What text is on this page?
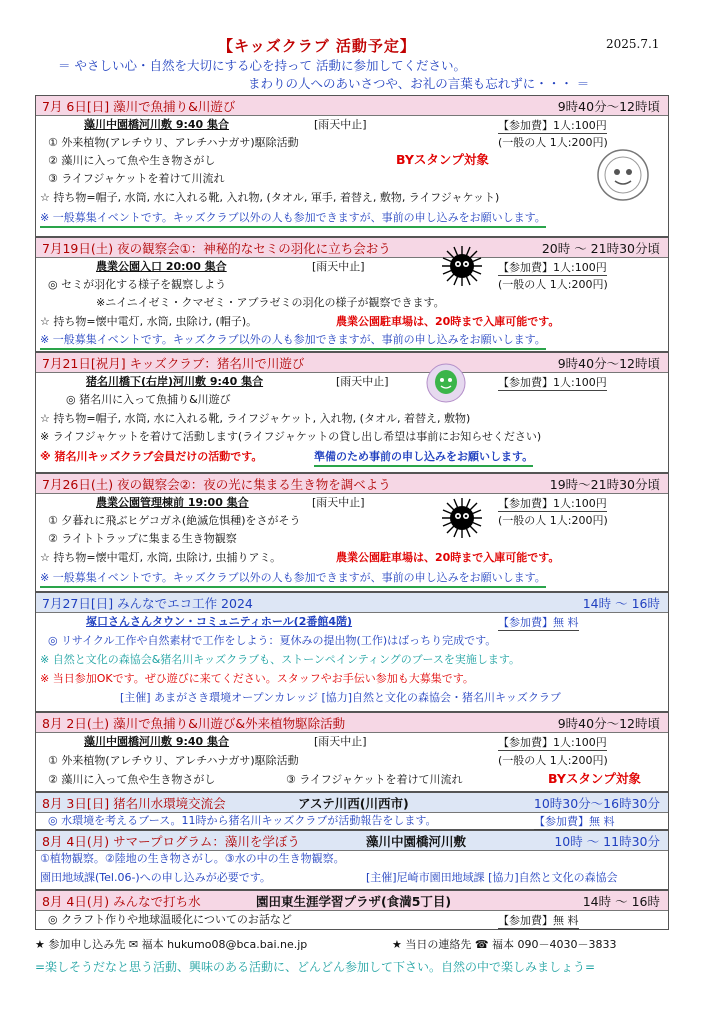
【キッズクラブ 活動予定】	2025.7.1
＝ やさしい心・自然を大切にする心を持って 活動に参加してください。
まわりの人へのあいさつや、お礼の言葉も忘れずに・・・ ＝
7月 6日[日] 藻川で魚捕り&川遊び	9時40分～12時頃
藻川中園橋河川敷 9:40 集合	[雨天中止]	【参加費】1人:100円
① 外来植物(アレチウリ、アレチハナガサ)駆除活動	(一般の人 1人:200円)
② 藻川に入って魚や生き物さがし	BYスタンプ対象
③ ライフジャケットを着けて川流れ
☆ 持ち物=帽子, 水筒, 水に入れる靴, 入れ物, (タオル, 軍手, 着替え, 敷物, ライフジャケット)
※ 一般募集イベントです。キッズクラブ以外の人も参加できますが、事前の申し込みをお願いします。
7月19日(土) 夜の観察会①：神秘的なセミの羽化に立ち会おう	20時 ～ 21時30分頃
農業公園入口 20:00 集合	[雨天中止]	【参加費】1人:100円
◎ セミが羽化する様子を観察しよう	(一般の人 1人:200円)
※ニイニイゼミ・クマゼミ・アブラゼミの羽化の様子が観察できます。
☆ 持ち物=懐中電灯, 水筒, 虫除け, (帽子)。	農業公園駐車場は、20時まで入庫可能です。
※ 一般募集イベントです。キッズクラブ以外の人も参加できますが、事前の申し込みをお願いします。
7月21日[祝月] キッズクラブ：猪名川で川遊び	9時40分～12時頃
猪名川橋下(右岸)河川敷 9:40 集合	[雨天中止]	【参加費】1人:100円
◎ 猪名川に入って魚捕り&川遊び
☆ 持ち物=帽子, 水筒, 水に入れる靴, ライフジャケット, 入れ物, (タオル, 着替え, 敷物)
※ ライフジャケットを着けて活動します(ライフジャケットの貸し出し希望は事前にお知らせください)
※ 猪名川キッズクラブ会員だけの活動です。	準備のため事前の申し込みをお願いします。
7月26日(土) 夜の観察会②：夜の光に集まる生き物を調べよう	19時～21時30分頃
農業公園管理棟前 19:00 集合	[雨天中止]	【参加費】1人:100円
① 夕暮れに飛ぶヒゲコガネ(絶滅危惧種)をさがそう	(一般の人 1人:200円)
② ライトトラップに集まる生き物観察
☆ 持ち物=懐中電灯, 水筒, 虫除け, 虫捕りアミ。	農業公園駐車場は、20時まで入庫可能です。
※ 一般募集イベントです。キッズクラブ以外の人も参加できますが、事前の申し込みをお願いします。
7月27日[日] みんなでエコ工作 2024	14時 ～ 16時
塚口さんさんタウン・コミュニティホール(2番館4階)	【参加費】無 料
◎ リサイクル工作や自然素材で工作をしよう：夏休みの提出物(工作)はばっちり完成です。
※ 自然と文化の森協会&猪名川キッズクラブも、ストーンペインティングのブースを実施します。
※ 当日参加OKです。ぜひ遊びに来てください。スタッフやお手伝い参加も大募集です。
[主催] あまがさき環境オープンカレッジ [協力]自然と文化の森協会・猪名川キッズクラブ
8月 2日(土) 藻川で魚捕り&川遊び&外来植物駆除活動	9時40分～12時頃
藻川中園橋河川敷 9:40 集合	[雨天中止]	【参加費】1人:100円
① 外来植物(アレチウリ、アレチハナガサ)駆除活動	(一般の人 1人:200円)
② 藻川に入って魚や生き物さがし	③ ライフジャケットを着けて川流れ	BYスタンプ対象
8月 3日[日] 猪名川水環境交流会	アステ川西(川西市)	10時30分～16時30分
◎ 水環境を考えるブース。11時から猪名川キッズクラブが活動報告をします。	【参加費】無 料
8月 4日(月) サマープログラム：藻川を学ぼう	藻川中園橋河川敷	10時 ～ 11時30分
①植物観察。②陸地の生き物さがし。③水の中の生き物観察。
園田地域課(Tel.06-)への申し込みが必要です。	[主催]尼崎市園田地域課 [協力]自然と文化の森協会
8月 4日(月) みんなで打ち水	園田東生涯学習プラザ(食満5丁目)	14時 ～ 16時
◎ クラフト作りや地球温暖化についてのお話など	【参加費】無 料
★ 参加申し込み先 ✉ 福本 hukumo08@bca.bai.ne.jp	★ 当日の連絡先 ☎ 福本 090－4030－3833
=楽しそうだなと思う活動、興味のある活動に、どんどん参加して下さい。自然の中で楽しみましょう=
